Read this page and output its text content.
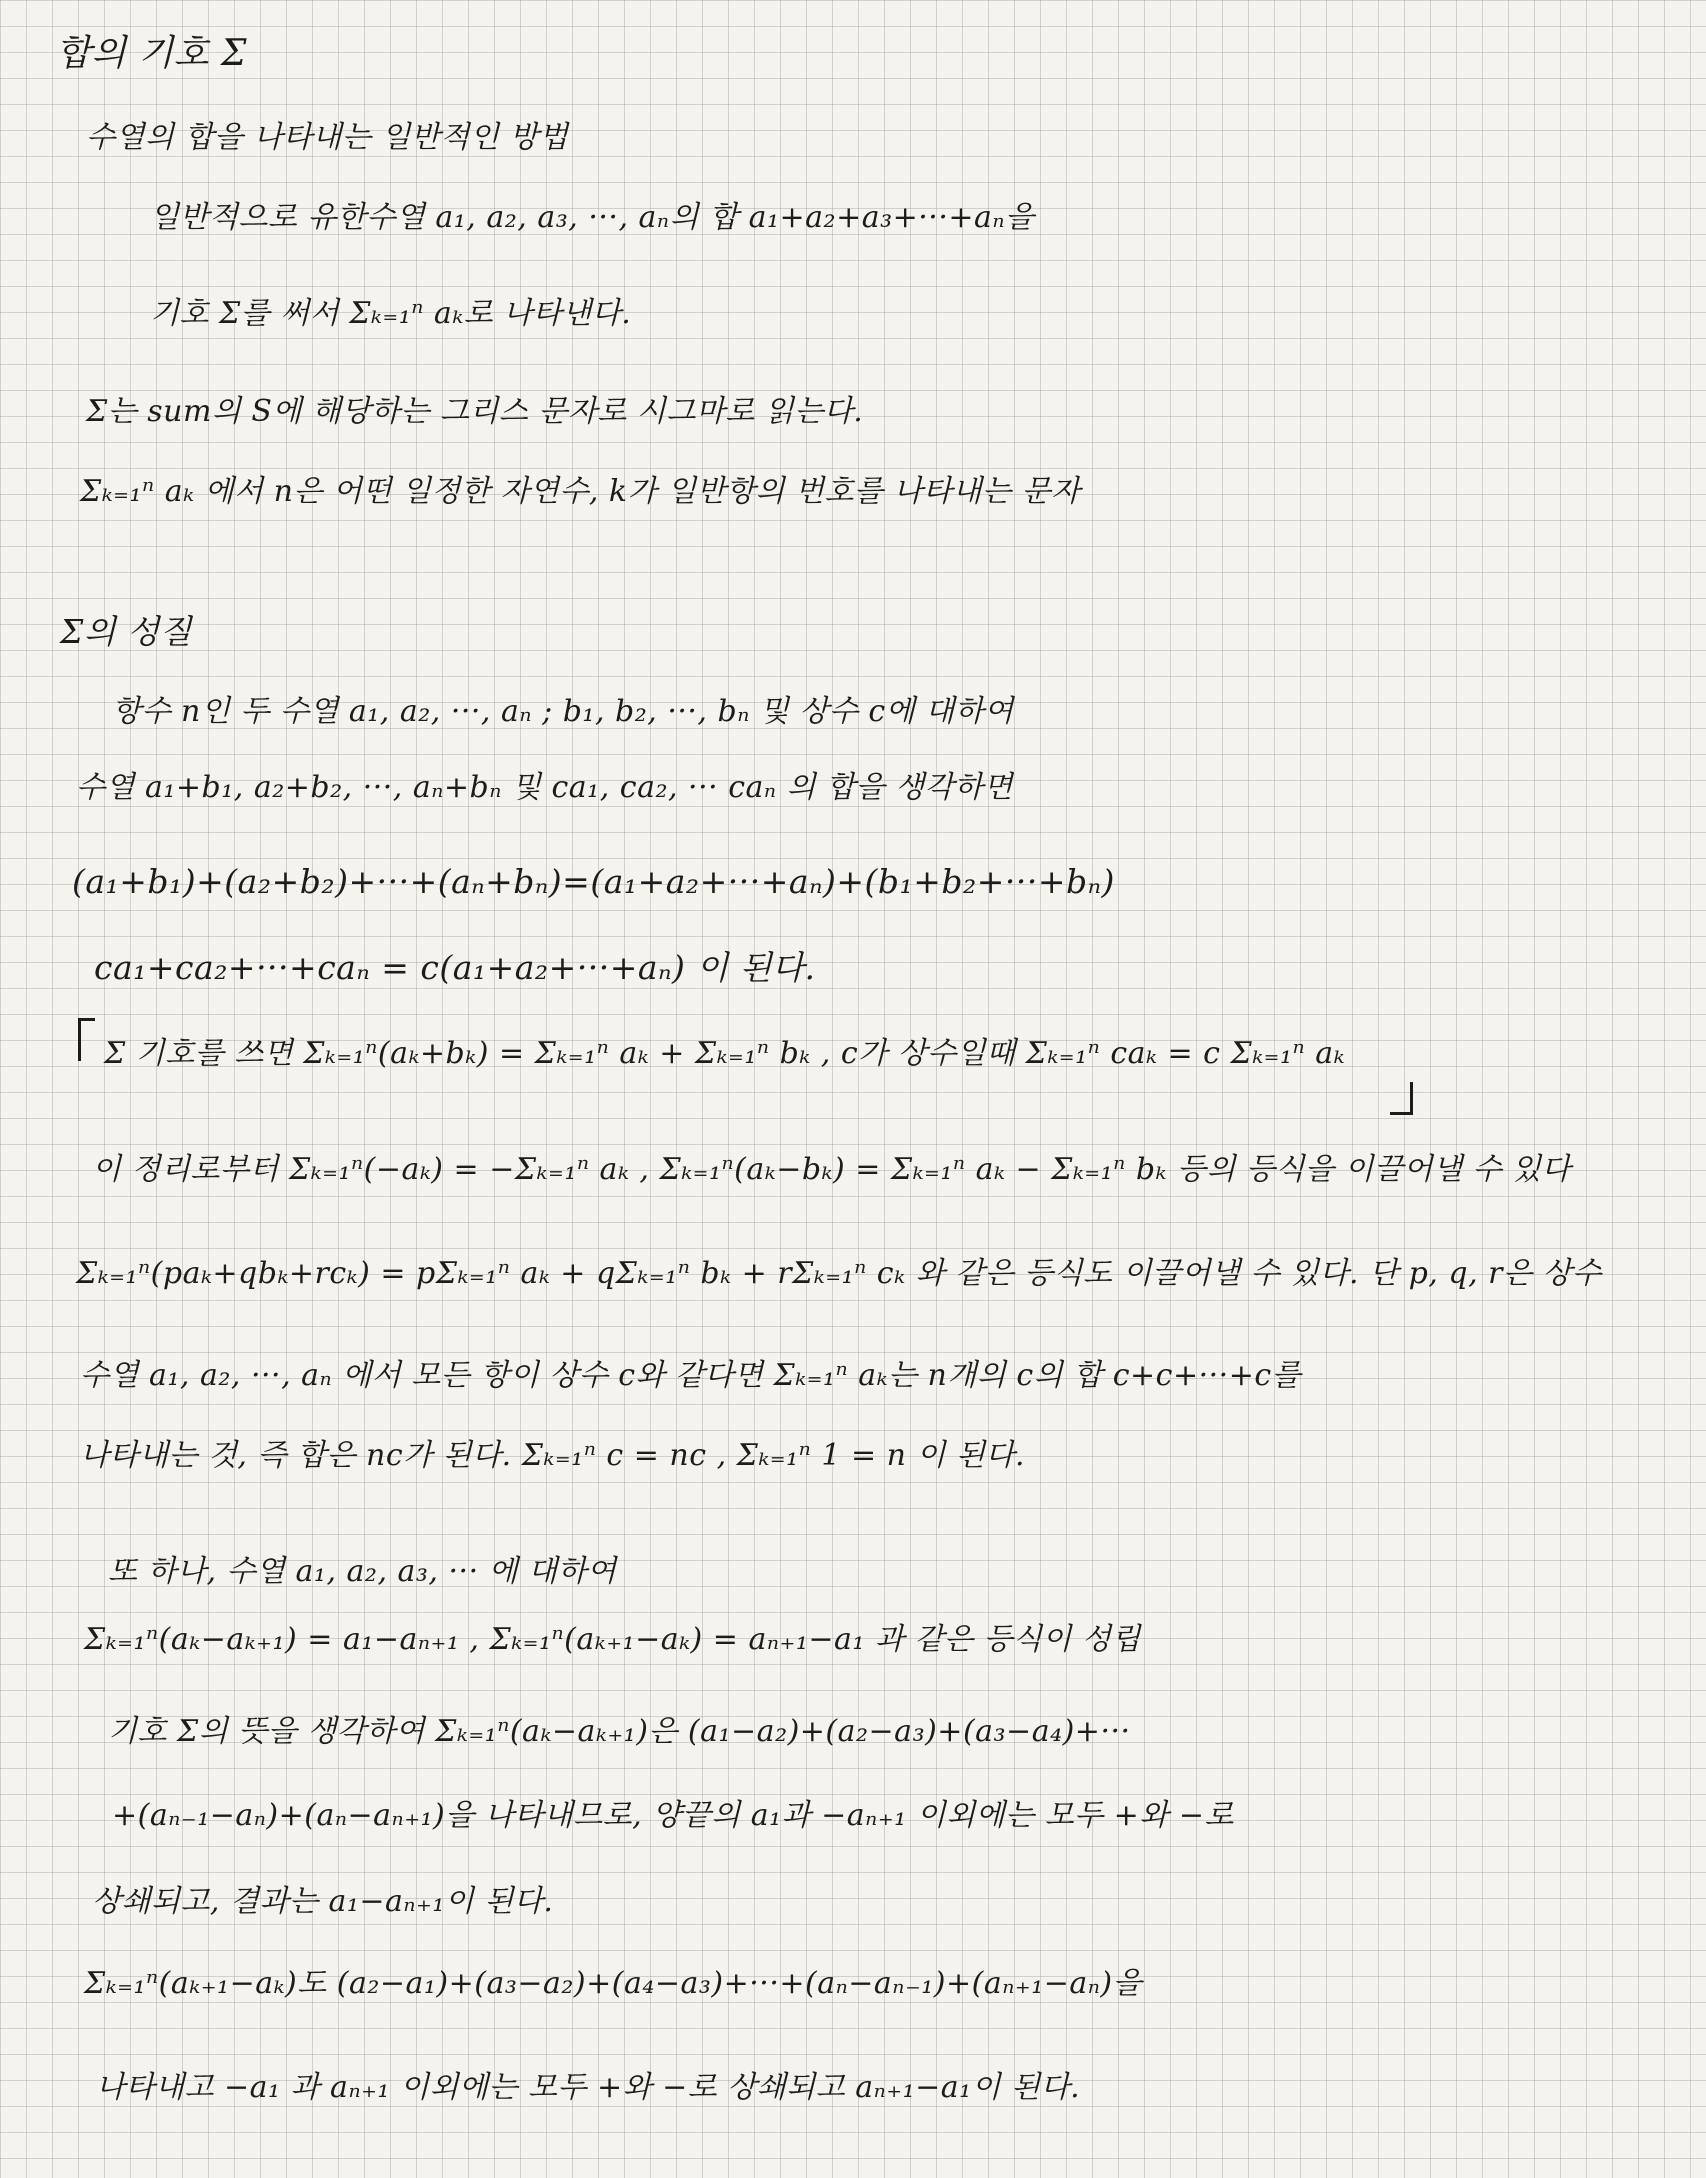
합의 기호 Σ
수열의 합을 나타내는 일반적인 방법
일반적으로 유한수열 a₁, a₂, a₃, ···, aₙ의 합 a₁+a₂+a₃+···+aₙ을
기호 Σ를 써서 Σₖ₌₁ⁿ aₖ로 나타낸다.
Σ는 sum의 S에 해당하는 그리스 문자로 시그마로 읽는다.
Σₖ₌₁ⁿ aₖ 에서 n은 어떤 일정한 자연수, k가 일반항의 번호를 나타내는 문자
Σ의 성질
항수 n인 두 수열 a₁, a₂, ···, aₙ ; b₁, b₂, ···, bₙ 및 상수 c에 대하여
수열 a₁+b₁, a₂+b₂, ···, aₙ+bₙ 및 ca₁, ca₂, ··· caₙ 의 합을 생각하면
(a₁+b₁)+(a₂+b₂)+···+(aₙ+bₙ)=(a₁+a₂+···+aₙ)+(b₁+b₂+···+bₙ)
ca₁+ca₂+···+caₙ = c(a₁+a₂+···+aₙ) 이 된다.
Σ 기호를 쓰면 Σₖ₌₁ⁿ(aₖ+bₖ) = Σₖ₌₁ⁿ aₖ + Σₖ₌₁ⁿ bₖ , c가 상수일때 Σₖ₌₁ⁿ caₖ = c Σₖ₌₁ⁿ aₖ
이 정리로부터 Σₖ₌₁ⁿ(−aₖ) = −Σₖ₌₁ⁿ aₖ , Σₖ₌₁ⁿ(aₖ−bₖ) = Σₖ₌₁ⁿ aₖ − Σₖ₌₁ⁿ bₖ 등의 등식을 이끌어낼 수 있다
Σₖ₌₁ⁿ(paₖ+qbₖ+rcₖ) = pΣₖ₌₁ⁿ aₖ + qΣₖ₌₁ⁿ bₖ + rΣₖ₌₁ⁿ cₖ 와 같은 등식도 이끌어낼 수 있다. 단 p, q, r은 상수
수열 a₁, a₂, ···, aₙ 에서 모든 항이 상수 c와 같다면 Σₖ₌₁ⁿ aₖ는 n개의 c의 합 c+c+···+c를
나타내는 것, 즉 합은 nc가 된다. Σₖ₌₁ⁿ c = nc , Σₖ₌₁ⁿ 1 = n 이 된다.
또 하나, 수열 a₁, a₂, a₃, ··· 에 대하여
Σₖ₌₁ⁿ(aₖ−aₖ₊₁) = a₁−aₙ₊₁ , Σₖ₌₁ⁿ(aₖ₊₁−aₖ) = aₙ₊₁−a₁ 과 같은 등식이 성립
기호 Σ의 뜻을 생각하여 Σₖ₌₁ⁿ(aₖ−aₖ₊₁)은 (a₁−a₂)+(a₂−a₃)+(a₃−a₄)+···
+(aₙ₋₁−aₙ)+(aₙ−aₙ₊₁)을 나타내므로, 양끝의 a₁과 −aₙ₊₁ 이외에는 모두 +와 −로
상쇄되고, 결과는 a₁−aₙ₊₁이 된다.
Σₖ₌₁ⁿ(aₖ₊₁−aₖ)도 (a₂−a₁)+(a₃−a₂)+(a₄−a₃)+···+(aₙ−aₙ₋₁)+(aₙ₊₁−aₙ)을
나타내고 −a₁ 과 aₙ₊₁ 이외에는 모두 +와 −로 상쇄되고 aₙ₊₁−a₁이 된다.
